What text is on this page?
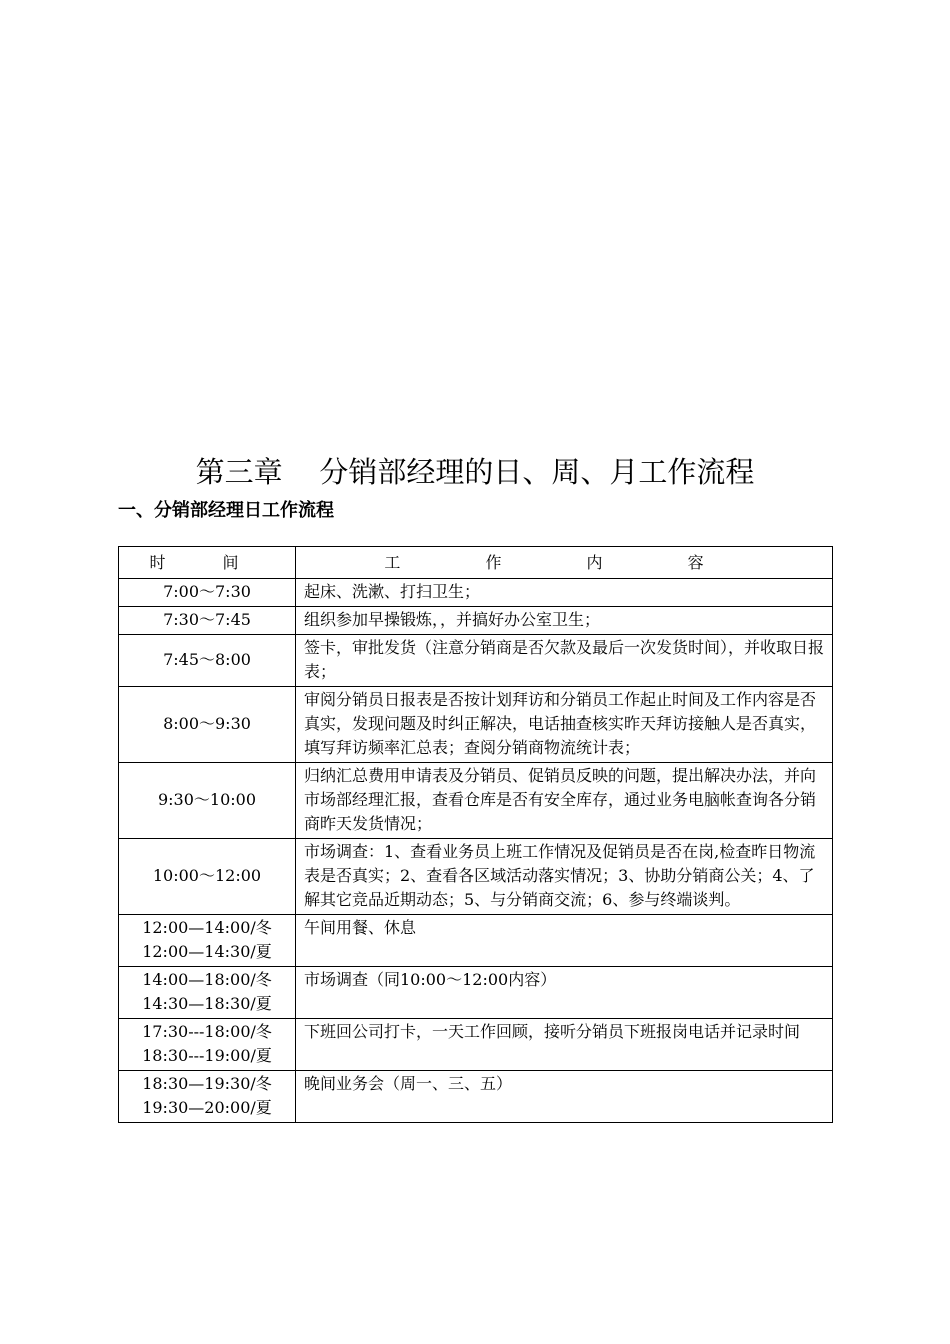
第三章    分销部经理的日、周、月工作流程
一、分销部经理日工作流程
时 间	工 作 内 容
7:00～7:30	起床、洗漱、打扫卫生；
7:30～7:45	组织参加早操锻炼，，并搞好办公室卫生；
7:45～8:00	签卡，审批发货（注意分销商是否欠款及最后一次发货时间），并收取日报表；
8:00～9:30	审阅分销员日报表是否按计划拜访和分销员工作起止时间及工作内容是否真实，发现问题及时纠正解决，电话抽查核实昨天拜访接触人是否真实，填写拜访频率汇总表；查阅分销商物流统计表；
9:30～10:00	归纳汇总费用申请表及分销员、促销员反映的问题，提出解决办法，并向市场部经理汇报，查看仓库是否有安全库存，通过业务电脑帐查询各分销商昨天发货情况；
10:00～12:00	市场调查：1、查看业务员上班工作情况及促销员是否在岗,检查昨日物流表是否真实；2、查看各区域活动落实情况；3、协助分销商公关；4、了解其它竞品近期动态；5、与分销商交流；6、参与终端谈判。
12:00—14:00/冬
12:00—14:30/夏	午间用餐、休息
14:00—18:00/冬
14:30—18:30/夏	市场调查（同10:00～12:00内容）
17:30---18:00/冬
18:30---19:00/夏	下班回公司打卡，一天工作回顾，接听分销员下班报岗电话并记录时间
18:30—19:30/冬
19:30—20:00/夏	晚间业务会（周一、三、五）
